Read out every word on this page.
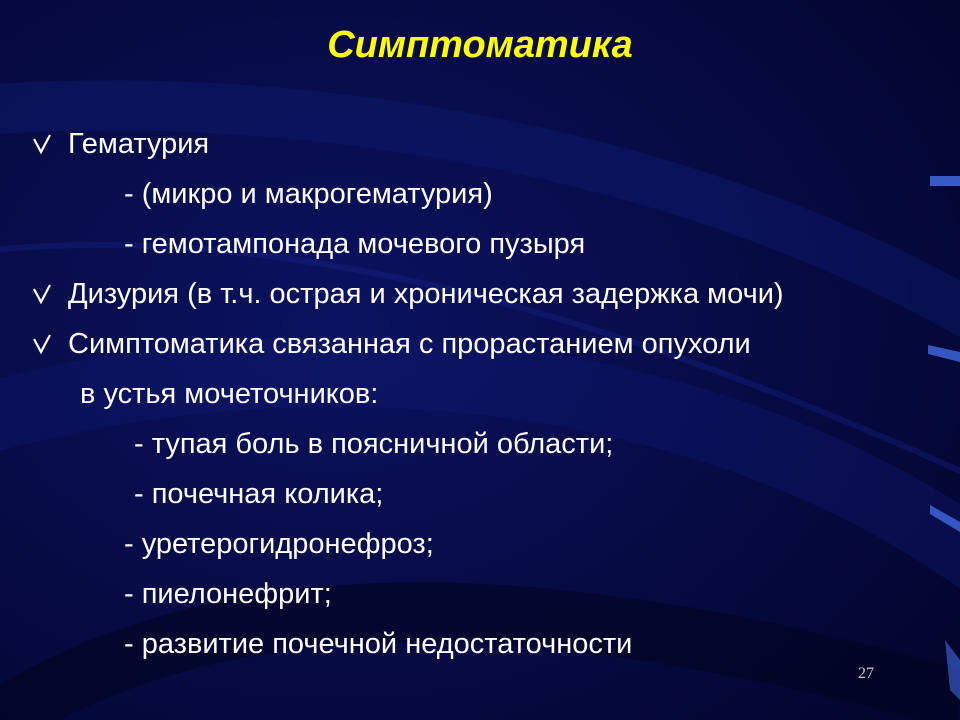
Симптоматика
Гематурия
- (микро и макрогематурия)
- гемотампонада мочевого пузыря
Дизурия (в т.ч. острая и хроническая задержка мочи)
Симптоматика связанная с прорастанием опухоли
в устья мочеточников:
- тупая боль в поясничной области;
- почечная колика;
- уретерогидронефроз;
- пиелонефрит;
- развитие почечной недостаточности
27
